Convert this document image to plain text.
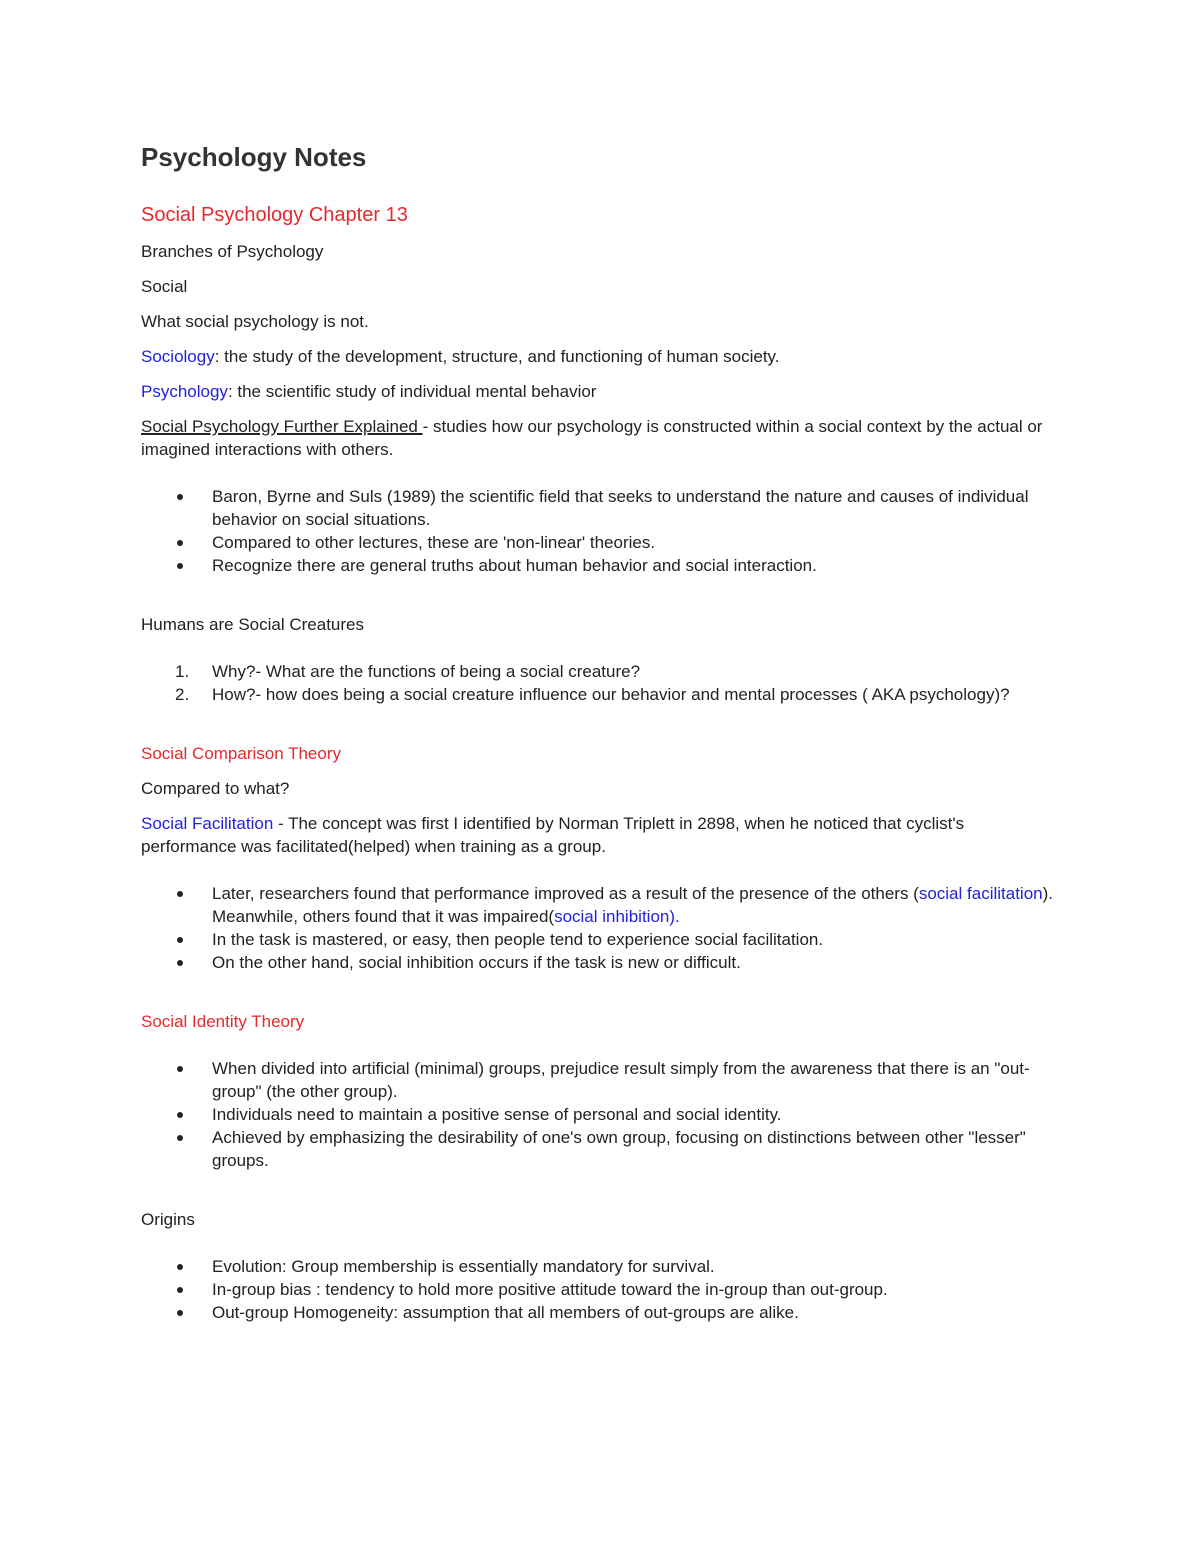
Psychology Notes

Social Psychology Chapter 13

Branches of Psychology

Social

What social psychology is not.

Sociology: the study of the development, structure, and functioning of human society.

Psychology: the scientific study of individual mental behavior

Social Psychology Further Explained - studies how our psychology is constructed within a social context by the actual or imagined interactions with others.

Baron, Byrne and Suls (1989) the scientific field that seeks to understand the nature and causes of individual behavior on social situations.
Compared to other lectures, these are 'non-linear' theories.
Recognize there are general truths about human behavior and social interaction.

Humans are Social Creatures

1. Why?- What are the functions of being a social creature?
2. How?- how does being a social creature influence our behavior and mental processes ( AKA psychology)?

Social Comparison Theory

Compared to what?

Social Facilitation - The concept was first I identified by Norman Triplett in 2898, when he noticed that cyclist's performance was facilitated(helped) when training as a group.

Later, researchers found that performance improved as a result of the presence of the others (social facilitation). Meanwhile, others found that it was impaired(social inhibition).
In the task is mastered, or easy, then people tend to experience social facilitation.
On the other hand, social inhibition occurs if the task is new or difficult.

Social Identity Theory

When divided into artificial (minimal) groups, prejudice result simply from the awareness that there is an "out-group" (the other group).
Individuals need to maintain a positive sense of personal and social identity.
Achieved by emphasizing the desirability of one's own group, focusing on distinctions between other "lesser" groups.

Origins

Evolution: Group membership is essentially mandatory for survival.
In-group bias : tendency to hold more positive attitude toward the in-group than out-group.
Out-group Homogeneity: assumption that all members of out-groups are alike.
